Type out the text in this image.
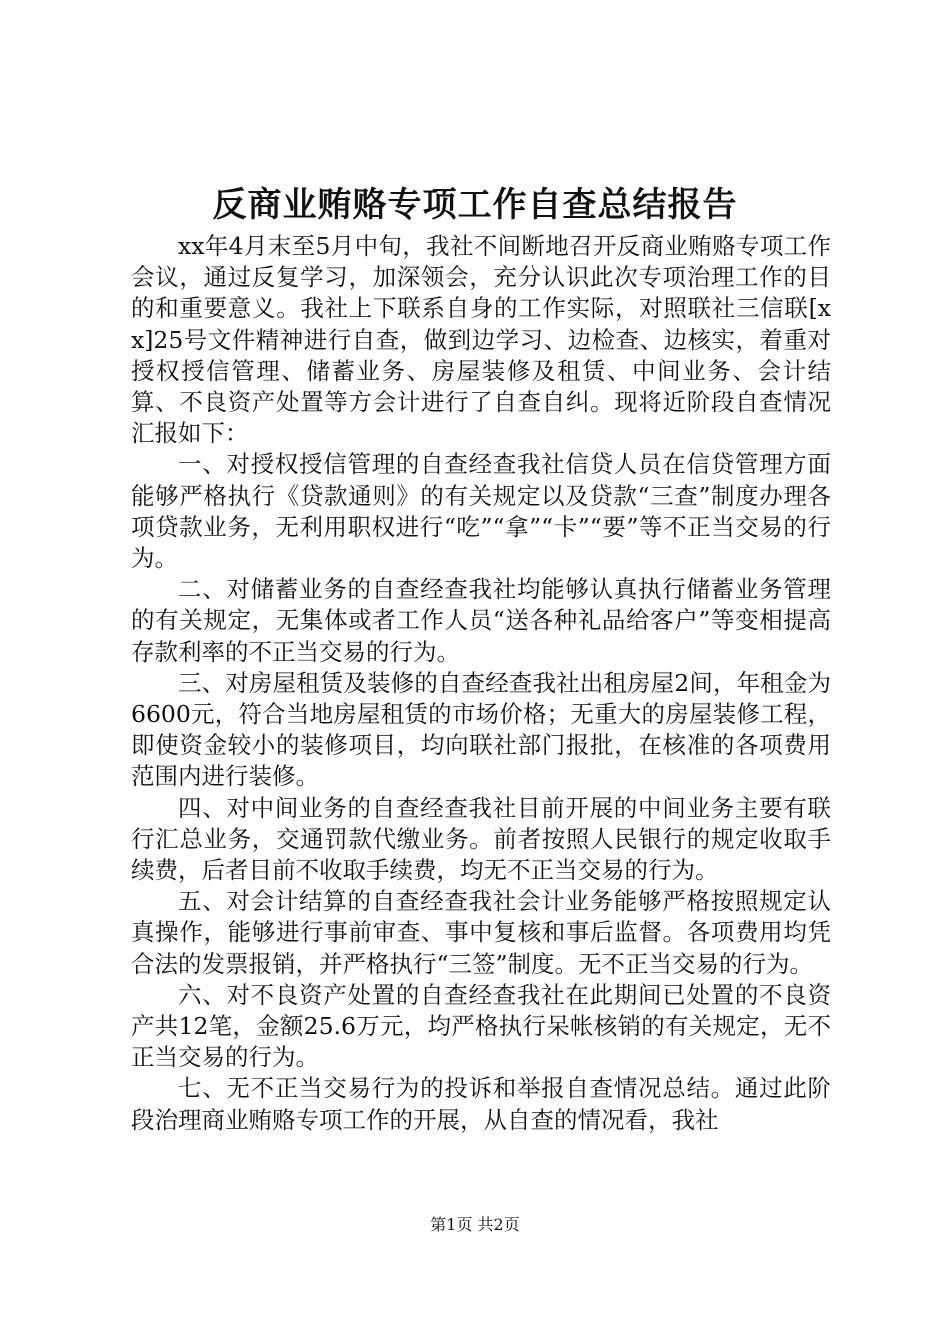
反商业贿赂专项工作自查总结报告

xx年4月末至5月中旬，我社不间断地召开反商业贿赂专项工作会议，通过反复学习，加深领会，充分认识此次专项治理工作的目的和重要意义。我社上下联系自身的工作实际，对照联社三信联[xx]25号文件精神进行自查，做到边学习、边检查、边核实，着重对授权授信管理、储蓄业务、房屋装修及租赁、中间业务、会计结算、不良资产处置等方会计进行了自查自纠。现将近阶段自查情况汇报如下：

一、对授权授信管理的自查经查我社信贷人员在信贷管理方面能够严格执行《贷款通则》的有关规定以及贷款“三查”制度办理各项贷款业务，无利用职权进行“吃”“拿”“卡”“要”等不正当交易的行为。

二、对储蓄业务的自查经查我社均能够认真执行储蓄业务管理的有关规定，无集体或者工作人员“送各种礼品给客户”等变相提高存款利率的不正当交易的行为。

三、对房屋租赁及装修的自查经查我社出租房屋2间，年租金为6600元，符合当地房屋租赁的市场价格；无重大的房屋装修工程，即使资金较小的装修项目，均向联社部门报批，在核准的各项费用范围内进行装修。

四、对中间业务的自查经查我社目前开展的中间业务主要有联行汇总业务，交通罚款代缴业务。前者按照人民银行的规定收取手续费，后者目前不收取手续费，均无不正当交易的行为。

五、对会计结算的自查经查我社会计业务能够严格按照规定认真操作，能够进行事前审查、事中复核和事后监督。各项费用均凭合法的发票报销，并严格执行“三签”制度。无不正当交易的行为。

六、对不良资产处置的自查经查我社在此期间已处置的不良资产共12笔，金额25.6万元，均严格执行呆帐核销的有关规定，无不正当交易的行为。

七、无不正当交易行为的投诉和举报自查情况总结。通过此阶段治理商业贿赂专项工作的开展，从自查的情况看，我社

第1页 共2页
